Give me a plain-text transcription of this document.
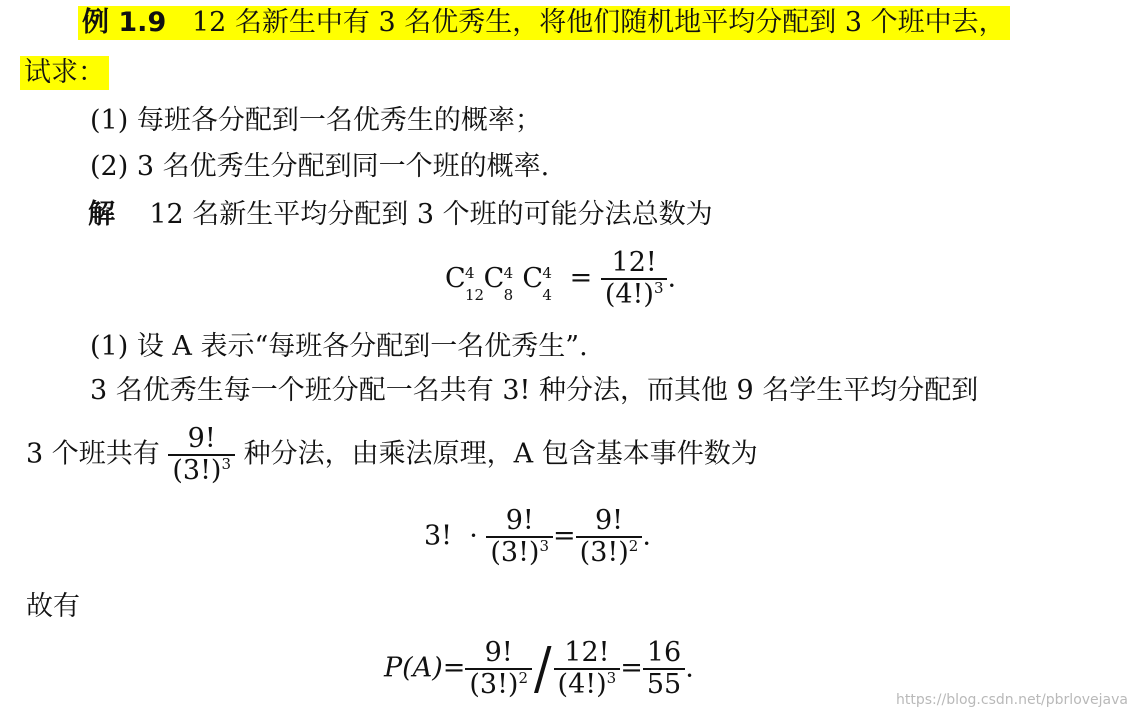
例 1.9 12 名新生中有 3 名优秀生，将他们随机地平均分配到 3 个班中去，
试求：
(1) 每班各分配到一名优秀生的概率；
(2) 3 名优秀生分配到同一个班的概率.
解 12 名新生平均分配到 3 个班的可能分法总数为
C 4
12
C 4
8
C 4
4
= $\frac{12!}{(4!)^3}$ .
(1) 设 A 表示“每班各分配到一名优秀生”.
3 名优秀生每一个班分配一名共有 3! 种分法，而其他 9 名学生平均分配到
3 个班共有 $\frac{9!}{(3!)^3}$ 种分法，由乘法原理，A 包含基本事件数为
3!  · $\frac{9!}{(3!)^3} = \frac{9!}{(3!)^2}$ .
故有
$P(A)= \frac{9!}{(3!)^2} / \frac{12!}{(4!)^3} = \frac{16}{55}$ .
https://blog.csdn.net/pbrlovejava
